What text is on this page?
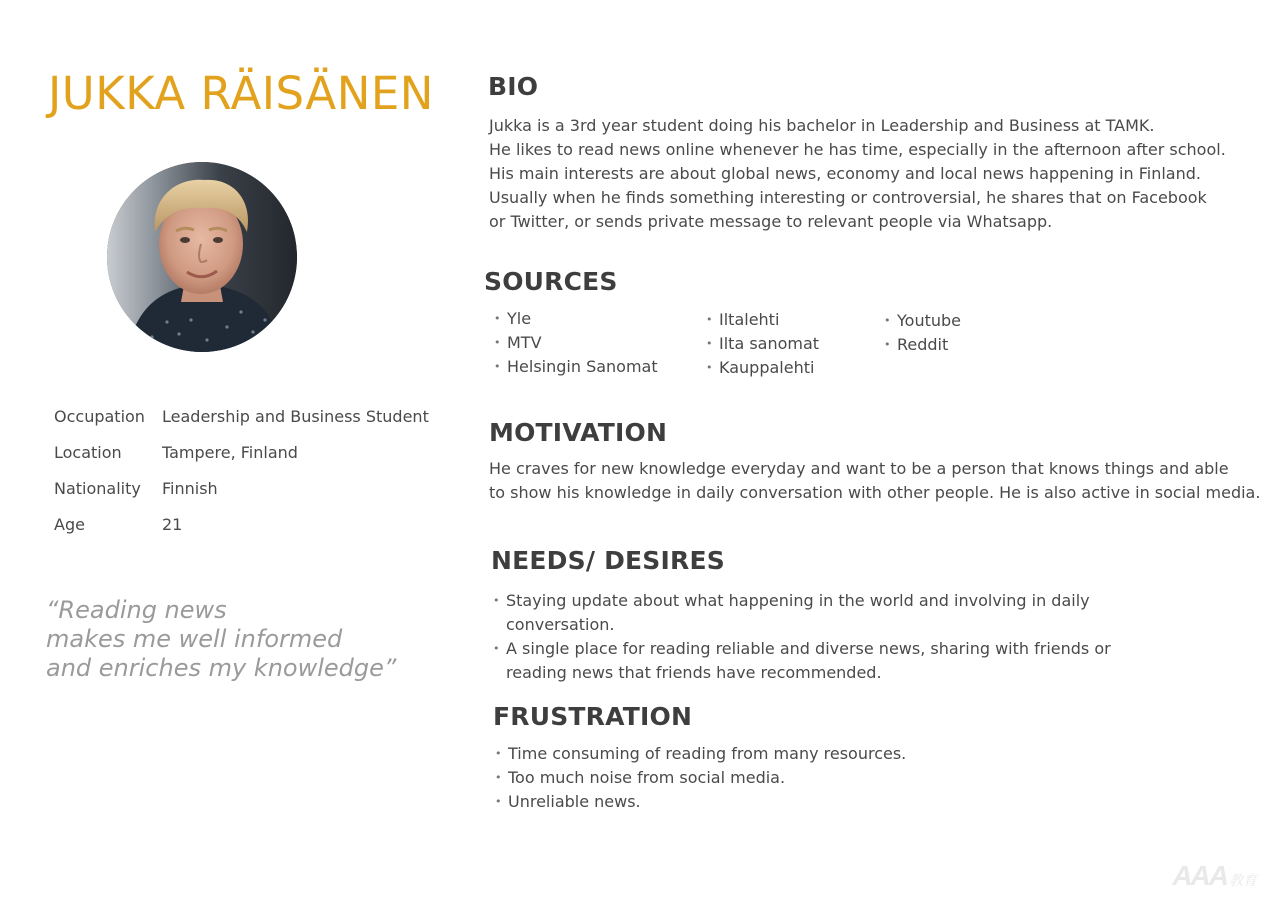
JUKKA RÄISÄNEN
Occupation	Leadership and Business Student
Location	Tampere, Finland
Nationality	Finnish
Age	21
“Reading news
makes me well informed
and enriches my knowledge”
BIO
Jukka is a 3rd year student doing his bachelor in Leadership and Business at TAMK.
He likes to read news online whenever he has time, especially in the afternoon after school.
His main interests are about global news, economy and local news happening in Finland.
Usually when he finds something interesting or controversial, he shares that on Facebook
or Twitter, or sends private message to relevant people via Whatsapp.
SOURCES
• Yle
• MTV
• Helsingin Sanomat
• Iltalehti
• Ilta sanomat
• Kauppalehti
• Youtube
• Reddit
MOTIVATION
He craves for new knowledge everyday and want to be a person that knows things and able
to show his knowledge in daily conversation with other people. He is also active in social media.
NEEDS/ DESIRES
• Staying update about what happening in the world and involving in daily conversation.
• A single place for reading reliable and diverse news, sharing with friends or reading news that friends have recommended.
FRUSTRATION
• Time consuming of reading from many resources.
• Too much noise from social media.
• Unreliable news.
AAA 教育
